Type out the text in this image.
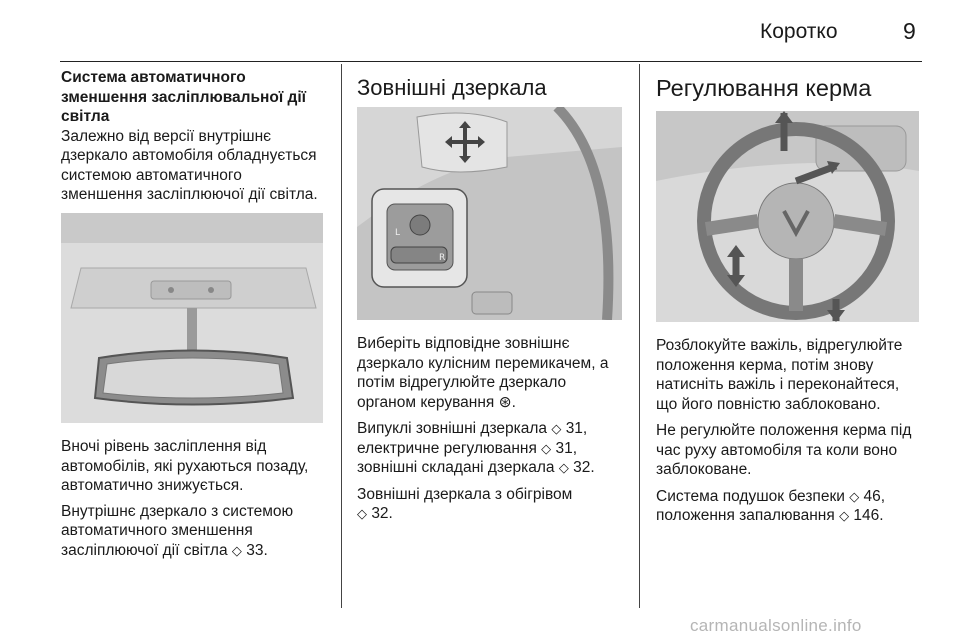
Коротко	9
Система автоматичного
зменшення засліплювальної дії
світла

Залежно від версії внутрішнє
дзеркало автомобіля обладнується
системою автоматичного
зменшення засліплюючої дії світла.

Вночі рівень засліплення від
автомобілів, які рухаються позаду,
автоматично знижується.

Внутрішнє дзеркало з системою
автоматичного зменшення
засліплюючої дії світла ◇ 33.

Зовнішні дзеркала
L
R

Виберіть відповідне зовнішнє
дзеркало кулісним перемикачем, а
потім відрегулюйте дзеркало
органом керування ⊛.

Випуклі зовнішні дзеркала ◇ 31,
електричне регулювання ◇ 31,
зовнішні складані дзеркала ◇ 32.

Зовнішні дзеркала з обігрівом
◇ 32.

Регулювання керма

Розблокуйте важіль, відрегулюйте
положення керма, потім знову
натисніть важіль і переконайтеся,
що його повністю заблоковано.

Не регулюйте положення керма під
час руху автомобіля та коли воно
заблоковане.

Система подушок безпеки ◇ 46,
положення запалювання ◇ 146.

carmanualsonline.info
